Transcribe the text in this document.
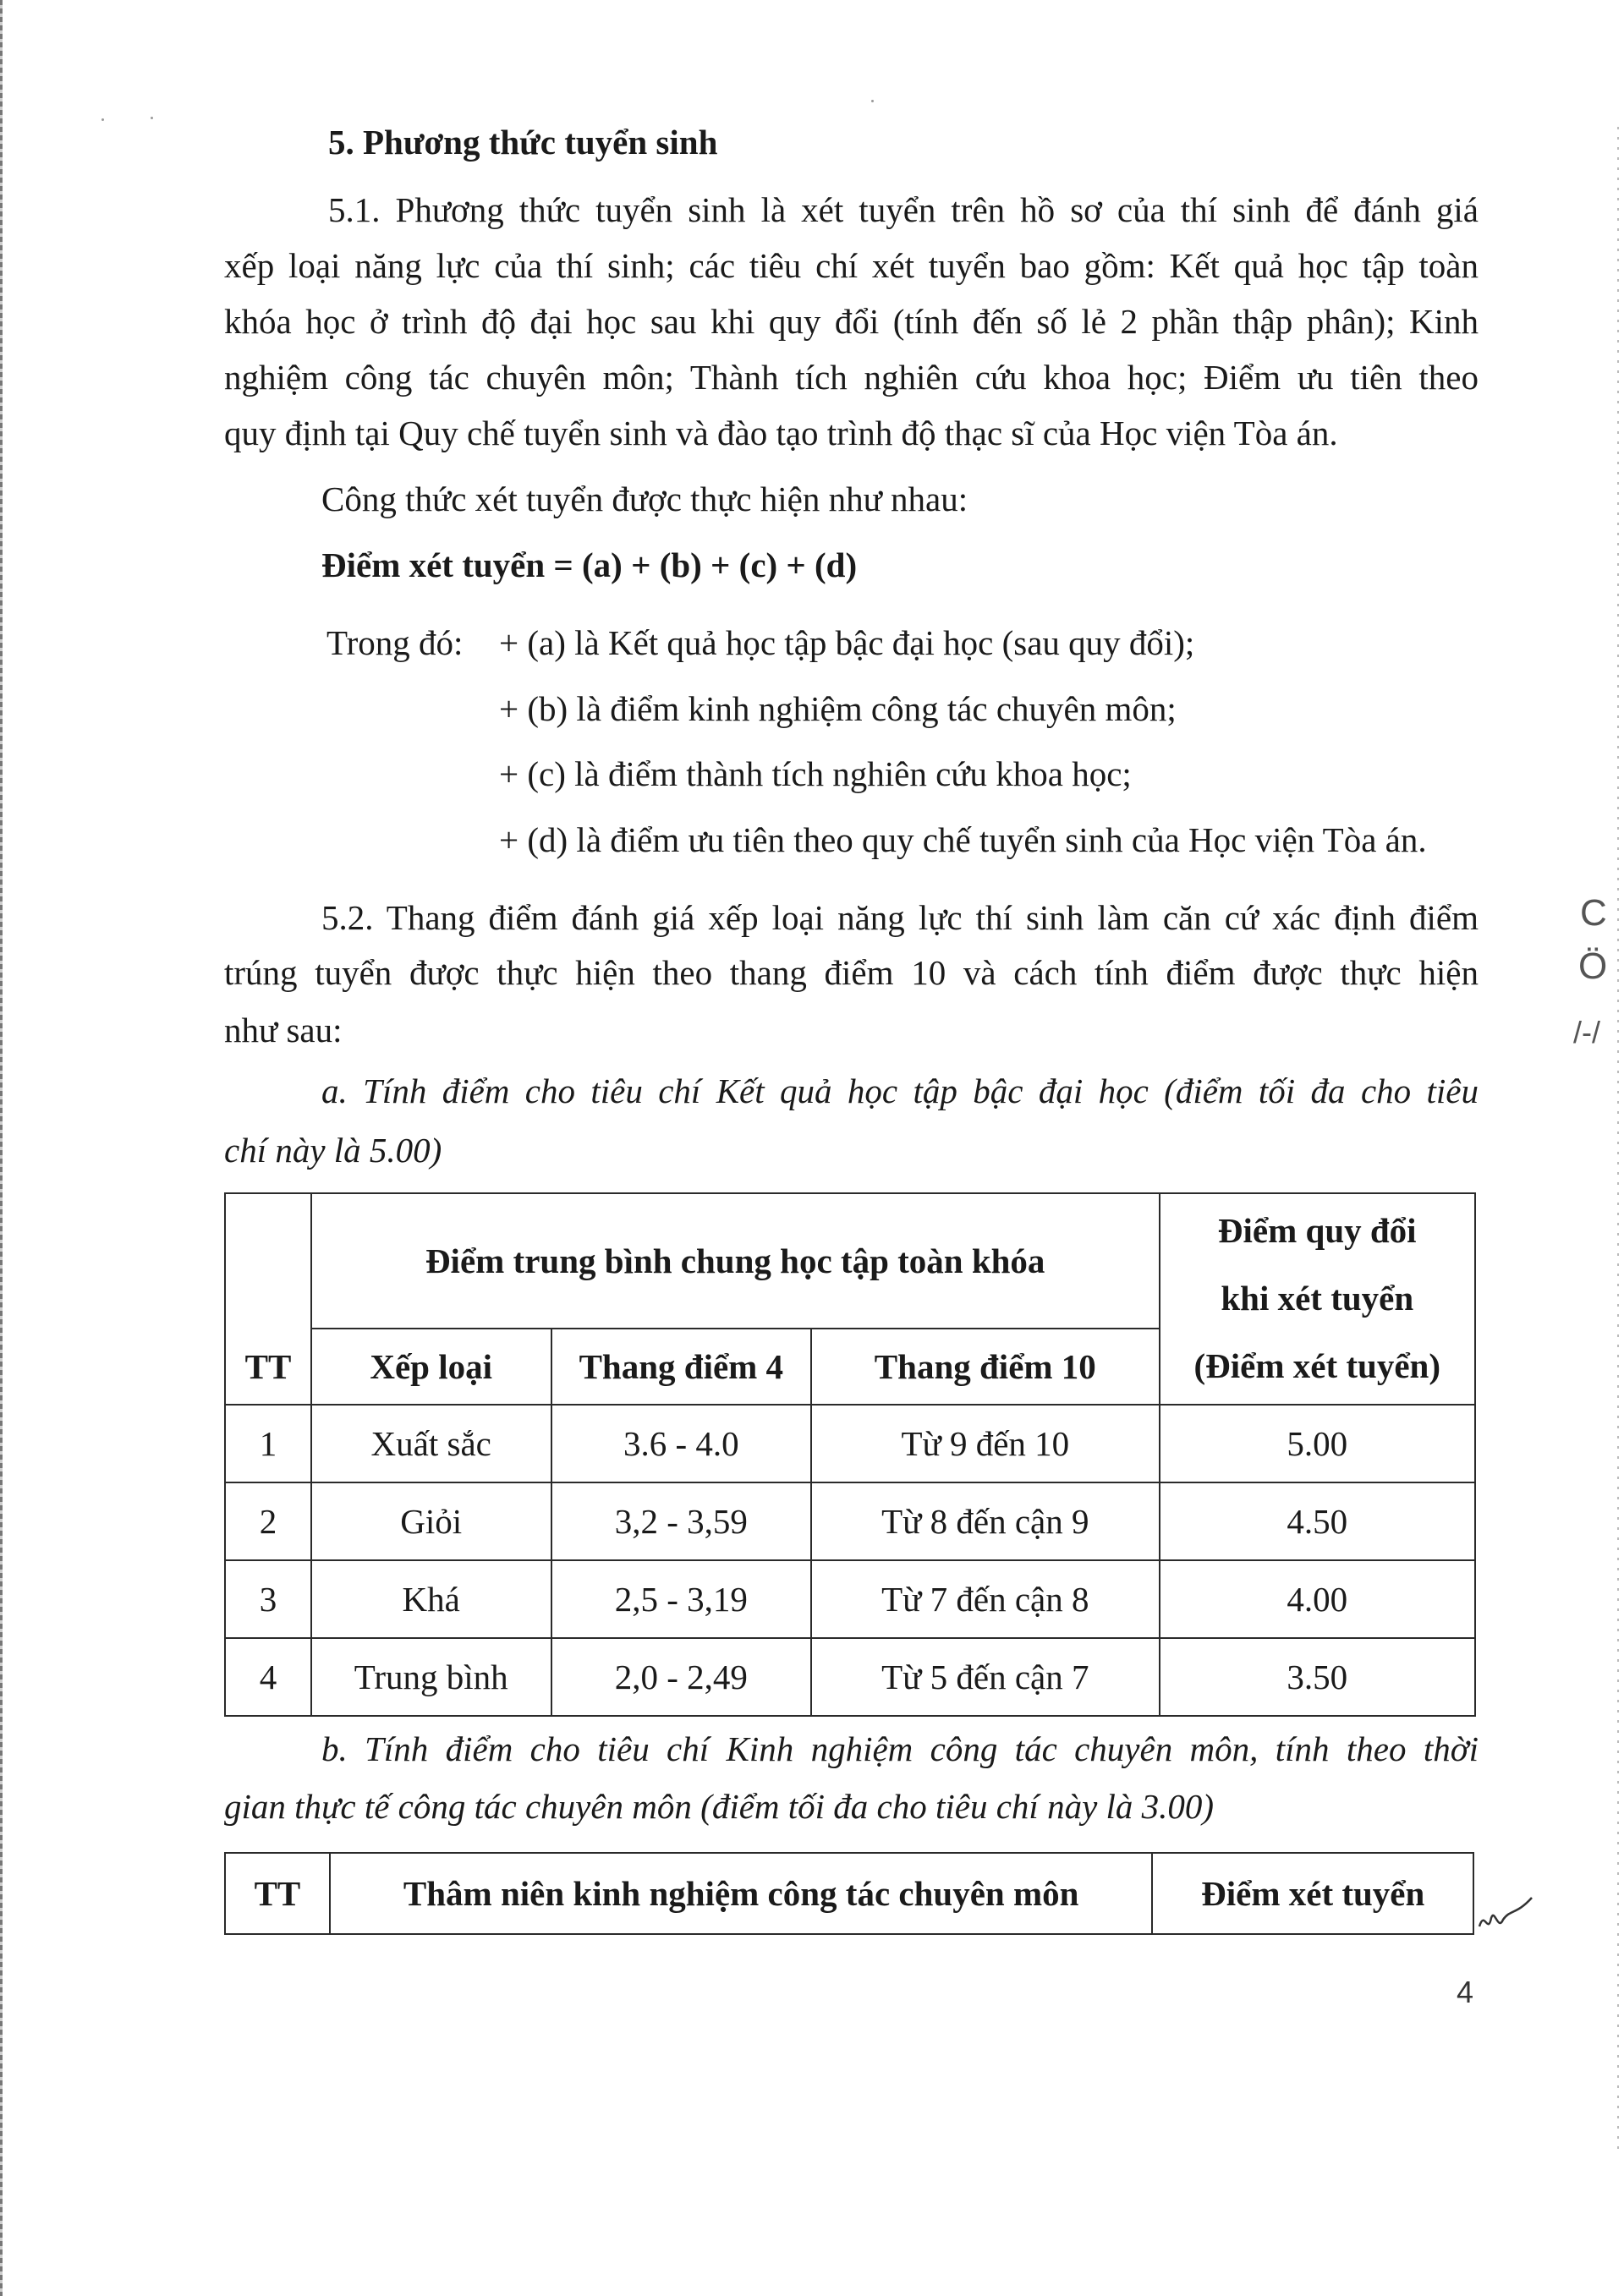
5. Phương thức tuyển sinh
5.1. Phương thức tuyển sinh là xét tuyển trên hồ sơ của thí sinh để đánh giá
xếp loại năng lực của thí sinh; các tiêu chí xét tuyển bao gồm: Kết quả học tập toàn
khóa học ở trình độ đại học sau khi quy đổi (tính đến số lẻ 2 phần thập phân); Kinh
nghiệm công tác chuyên môn; Thành tích nghiên cứu khoa học; Điểm ưu tiên theo
quy định tại Quy chế tuyển sinh và đào tạo trình độ thạc sĩ của Học viện Tòa án.
Công thức xét tuyển được thực hiện như nhau:
Điểm xét tuyển = (a) + (b) + (c) + (d)
Trong đó: + (a) là Kết quả học tập bậc đại học (sau quy đổi);
+ (b) là điểm kinh nghiệm công tác chuyên môn;
+ (c) là điểm thành tích nghiên cứu khoa học;
+ (d) là điểm ưu tiên theo quy chế tuyển sinh của Học viện Tòa án.
5.2. Thang điểm đánh giá xếp loại năng lực thí sinh làm căn cứ xác định điểm
trúng tuyển được thực hiện theo thang điểm 10 và cách tính điểm được thực hiện
như sau:
a. Tính điểm cho tiêu chí Kết quả học tập bậc đại học (điểm tối đa cho tiêu
chí này là 5.00)
TT	Điểm trung bình chung học tập toàn khóa			Điểm quy đổi
khi xét tuyển
(Điểm xét tuyển)

	Xếp loại	Thang điểm 4	Thang điểm 10	
1	Xuất sắc	3.6 - 4.0	Từ 9 đến 10	5.00
2	Giỏi	3,2 - 3,59	Từ 8 đến cận 9	4.50
3	Khá	2,5 - 3,19	Từ 7 đến cận 8	4.00
4	Trung bình	2,0 - 2,49	Từ 5 đến cận 7	3.50
b. Tính điểm cho tiêu chí Kinh nghiệm công tác chuyên môn, tính theo thời
gian thực tế công tác chuyên môn (điểm tối đa cho tiêu chí này là 3.00)
TT	Thâm niên kinh nghiệm công tác chuyên môn	Điểm xét tuyển
C
Ö
/-/
4
